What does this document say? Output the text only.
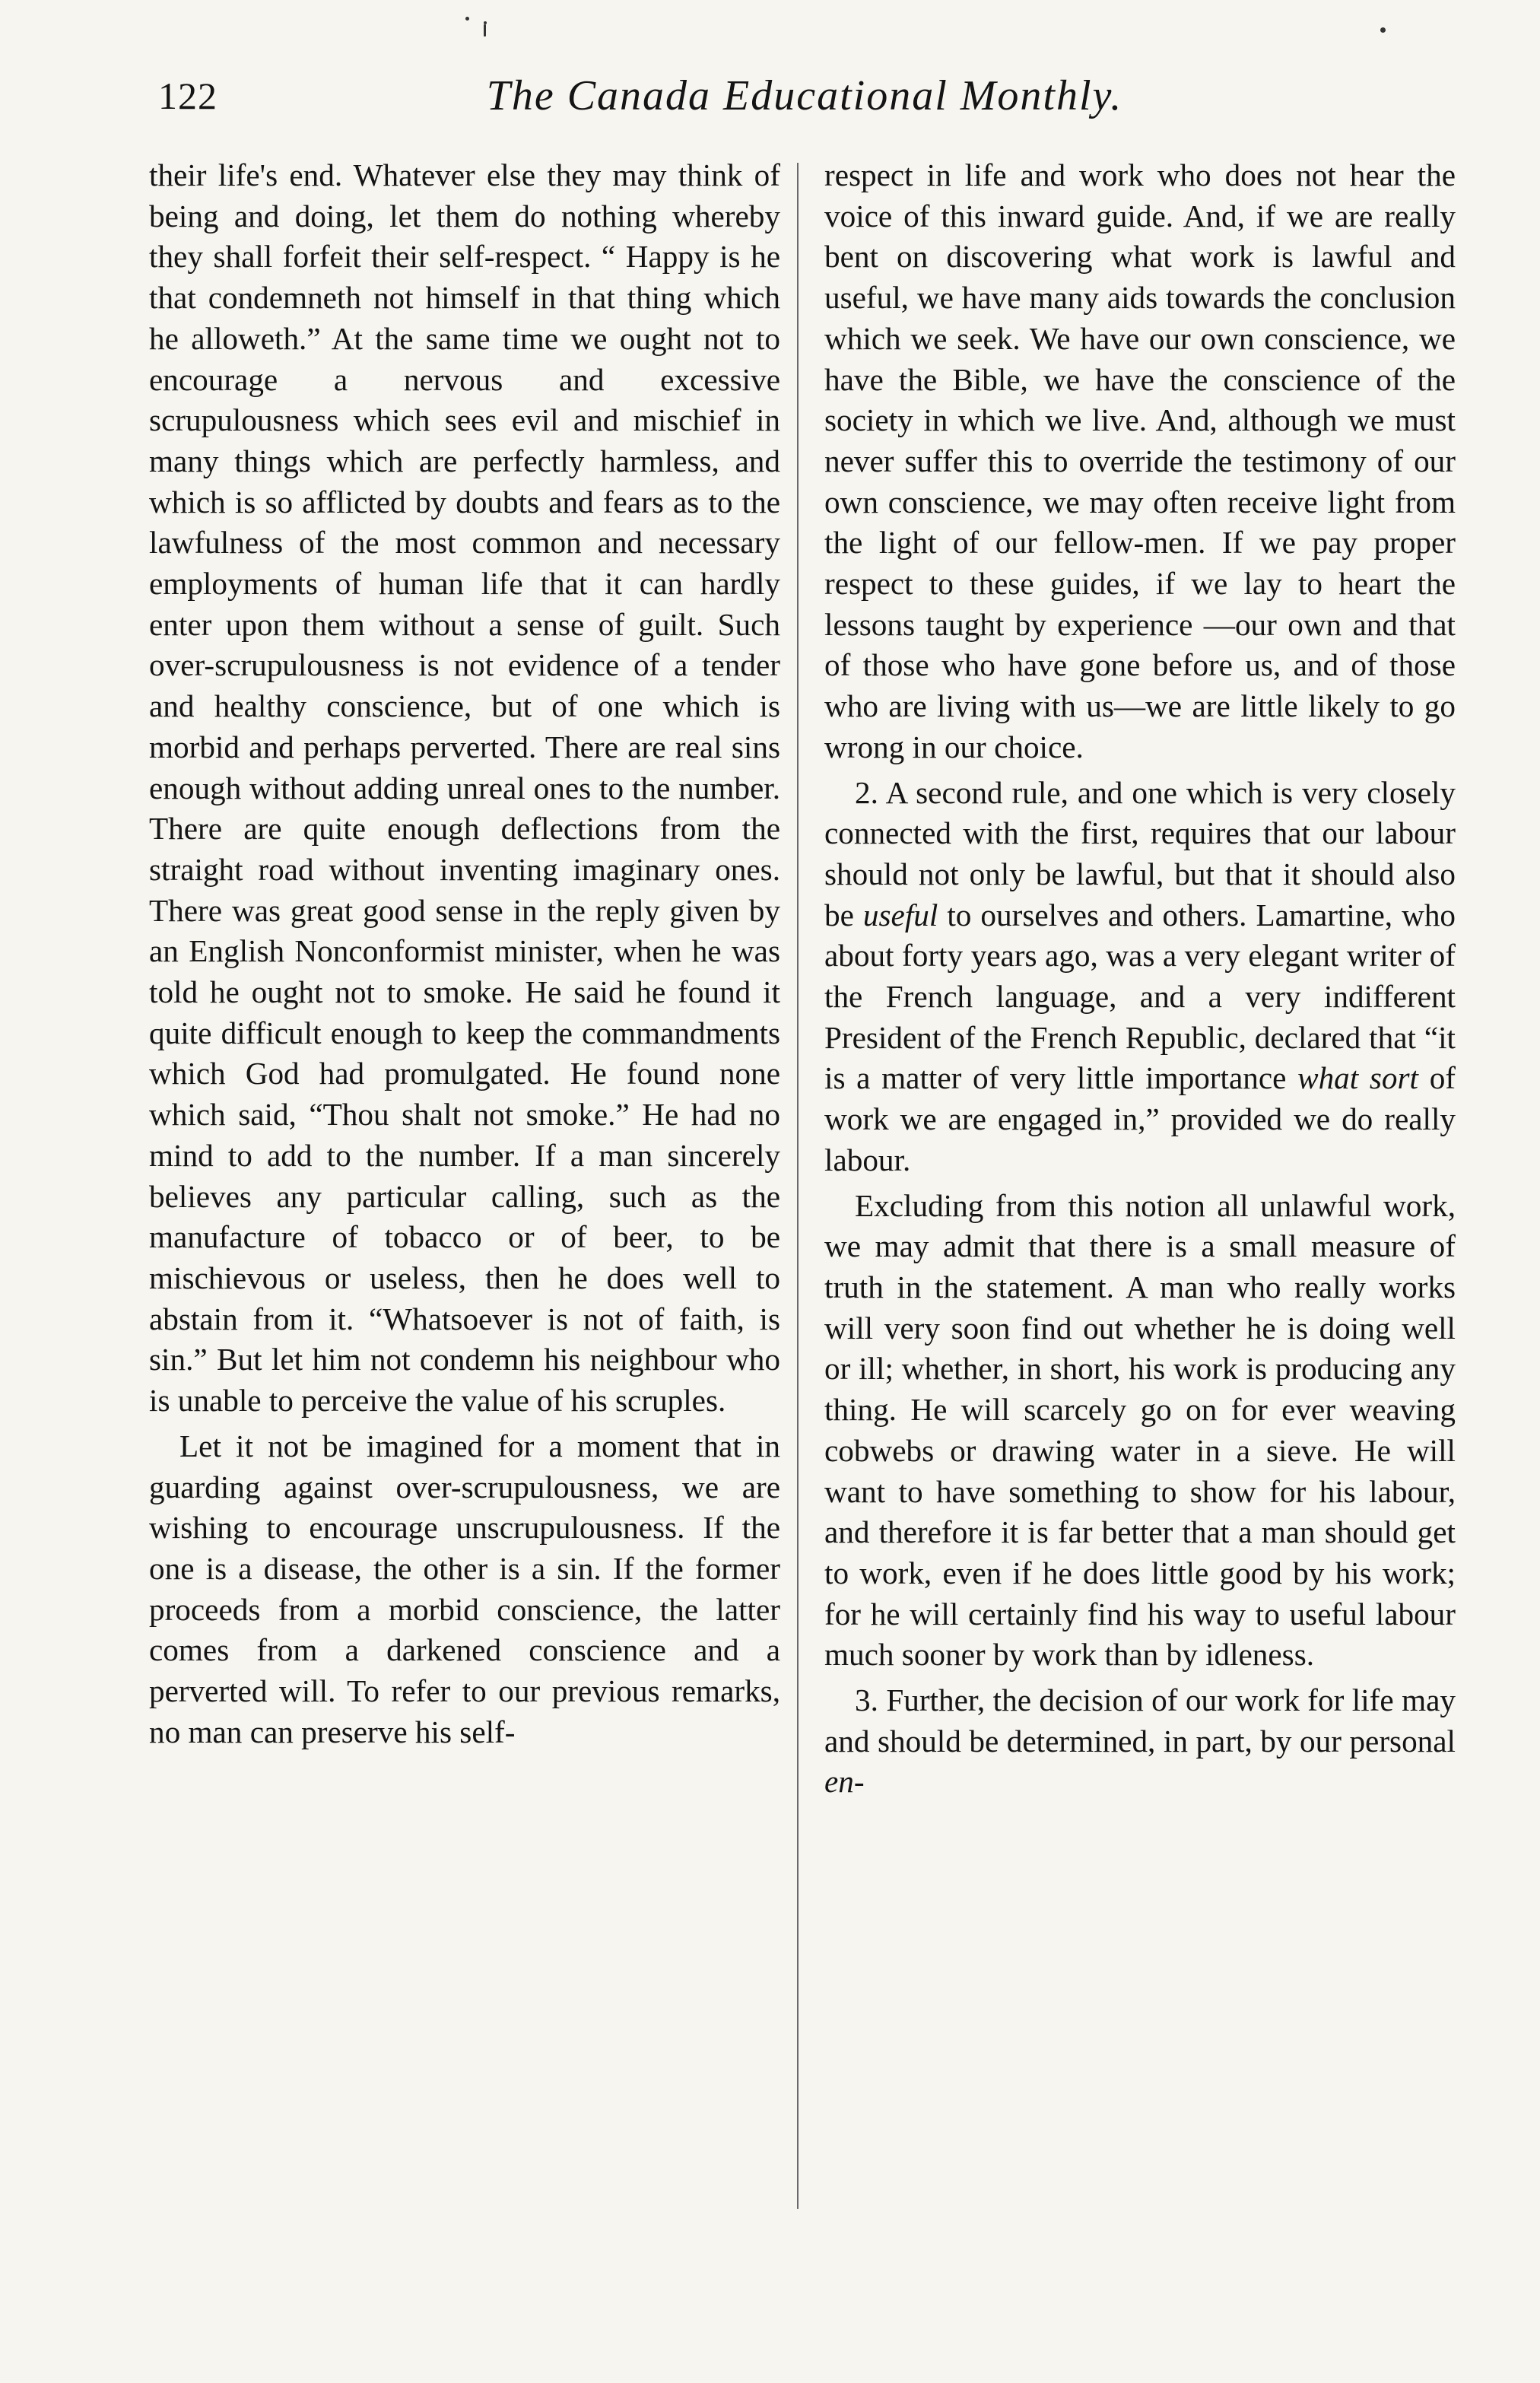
122	The Canada Educational Monthly.

their life's end. Whatever else they may think of being and doing, let them do nothing whereby they shall forfeit their self-respect. “ Happy is he that condemneth not himself in that thing which he alloweth.” At the same time we ought not to encourage a nervous and excessive scrupulousness which sees evil and mischief in many things which are perfectly harmless, and which is so afflicted by doubts and fears as to the lawfulness of the most common and necessary employments of human life that it can hardly enter upon them without a sense of guilt. Such over-scrupulousness is not evidence of a tender and healthy conscience, but of one which is morbid and perhaps perverted. There are real sins enough without adding unreal ones to the number. There are quite enough deflections from the straight road without inventing imaginary ones. There was great good sense in the reply given by an English Nonconformist minister, when he was told he ought not to smoke. He said he found it quite difficult enough to keep the commandments which God had promulgated. He found none which said, “Thou shalt not smoke.” He had no mind to add to the number. If a man sincerely believes any particular calling, such as the manufacture of tobacco or of beer, to be mischievous or useless, then he does well to abstain from it. “Whatsoever is not of faith, is sin.” But let him not condemn his neighbour who is unable to perceive the value of his scruples.

Let it not be imagined for a moment that in guarding against over-scrupulousness, we are wishing to encourage unscrupulousness. If the one is a disease, the other is a sin. If the former proceeds from a morbid conscience, the latter comes from a darkened conscience and a perverted will. To refer to our previous remarks, no man can preserve his self-

respect in life and work who does not hear the voice of this inward guide. And, if we are really bent on discovering what work is lawful and useful, we have many aids towards the conclusion which we seek. We have our own conscience, we have the Bible, we have the conscience of the society in which we live. And, although we must never suffer this to override the testimony of our own conscience, we may often receive light from the light of our fellow-men. If we pay proper respect to these guides, if we lay to heart the lessons taught by experience —our own and that of those who have gone before us, and of those who are living with us—we are little likely to go wrong in our choice.

2. A second rule, and one which is very closely connected with the first, requires that our labour should not only be lawful, but that it should also be useful to ourselves and others. Lamartine, who about forty years ago, was a very elegant writer of the French language, and a very indifferent President of the French Republic, declared that “it is a matter of very little importance what sort of work we are engaged in,” provided we do really labour.

Excluding from this notion all unlawful work, we may admit that there is a small measure of truth in the statement. A man who really works will very soon find out whether he is doing well or ill; whether, in short, his work is producing any thing. He will scarcely go on for ever weaving cobwebs or drawing water in a sieve. He will want to have something to show for his labour, and therefore it is far better that a man should get to work, even if he does little good by his work; for he will certainly find his way to useful labour much sooner by work than by idleness.

3. Further, the decision of our work for life may and should be determined, in part, by our personal en-
